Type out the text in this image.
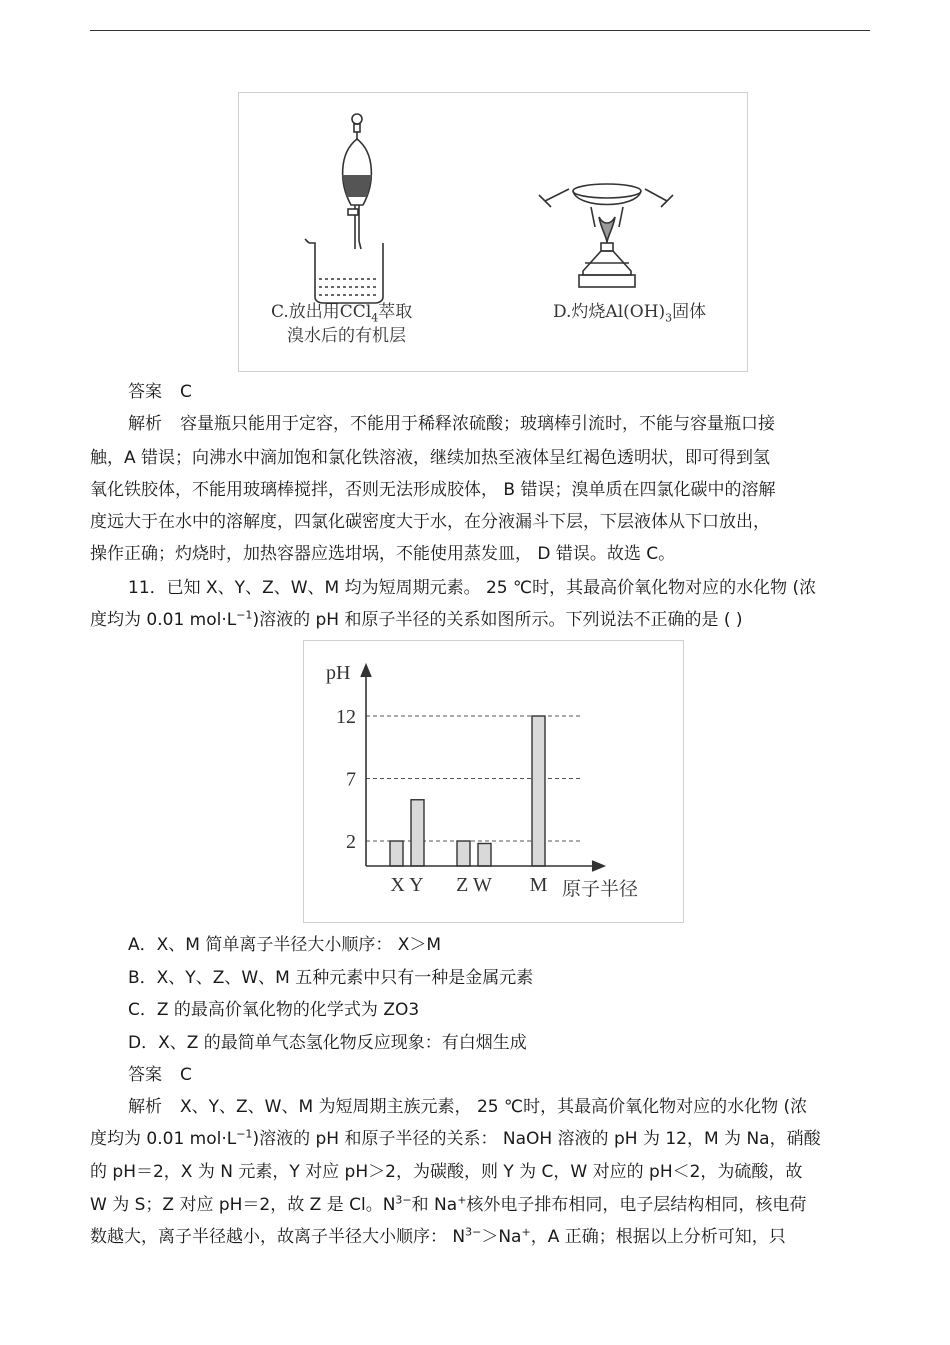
C.放出用CCl$_4$萃取
溴水后的有机层
D.灼烧$Al(OH)_3$固体
答案 C
解析 容量瓶只能用于定容，不能用于稀释浓硫酸；玻璃棒引流时，不能与容量瓶口接
触，A 错误；向沸水中滴加饱和氯化铁溶液，继续加热至液体呈红褐色透明状，即可得到氢
氧化铁胶体，不能用玻璃棒搅拌，否则无法形成胶体， B 错误；溴单质在四氯化碳中的溶解
度远大于在水中的溶解度，四氯化碳密度大于水，在分液漏斗下层，下层液体从下口放出，
操作正确；灼烧时，加热容器应选坩埚，不能使用蒸发皿， D 错误。故选 C。
11．已知 X、Y、Z、W、M 均为短周期元素。 25 ℃时，其最高价氧化物对应的水化物 (浓
度均为 0.01 $mol\cdot L^{-1}$)溶液的 pH 和原子半径的关系如图所示。下列说法不正确的是 ( )
pH
原子半径
2
7
12
X Y Z W M
A．X、M 简单离子半径大小顺序： X＞M
B．X、Y、Z、W、M 五种元素中只有一种是金属元素
C．Z 的最高价氧化物的化学式为 ZO3
D．X、Z 的最简单气态氢化物反应现象：有白烟生成
答案 C
解析 X、Y、Z、W、M 为短周期主族元素， 25 ℃时，其最高价氧化物对应的水化物 (浓
度均为 0.01 $mol\cdot L^{-1}$)溶液的 pH 和原子半径的关系： NaOH 溶液的 pH 为 12，M 为 Na，硝酸
的 pH＝2，X 为 N 元素，Y 对应 pH＞2，为碳酸，则 Y 为 C，W 对应的 pH＜2，为硫酸，故
W 为 S；Z 对应 pH＝2，故 Z 是 Cl。$N^{3-}$和 Na+核外电子排布相同，电子层结构相同，核电荷
数越大，离子半径越小，故离子半径大小顺序： $N^{3-}>Na^+$，A 正确；根据以上分析可知，只
